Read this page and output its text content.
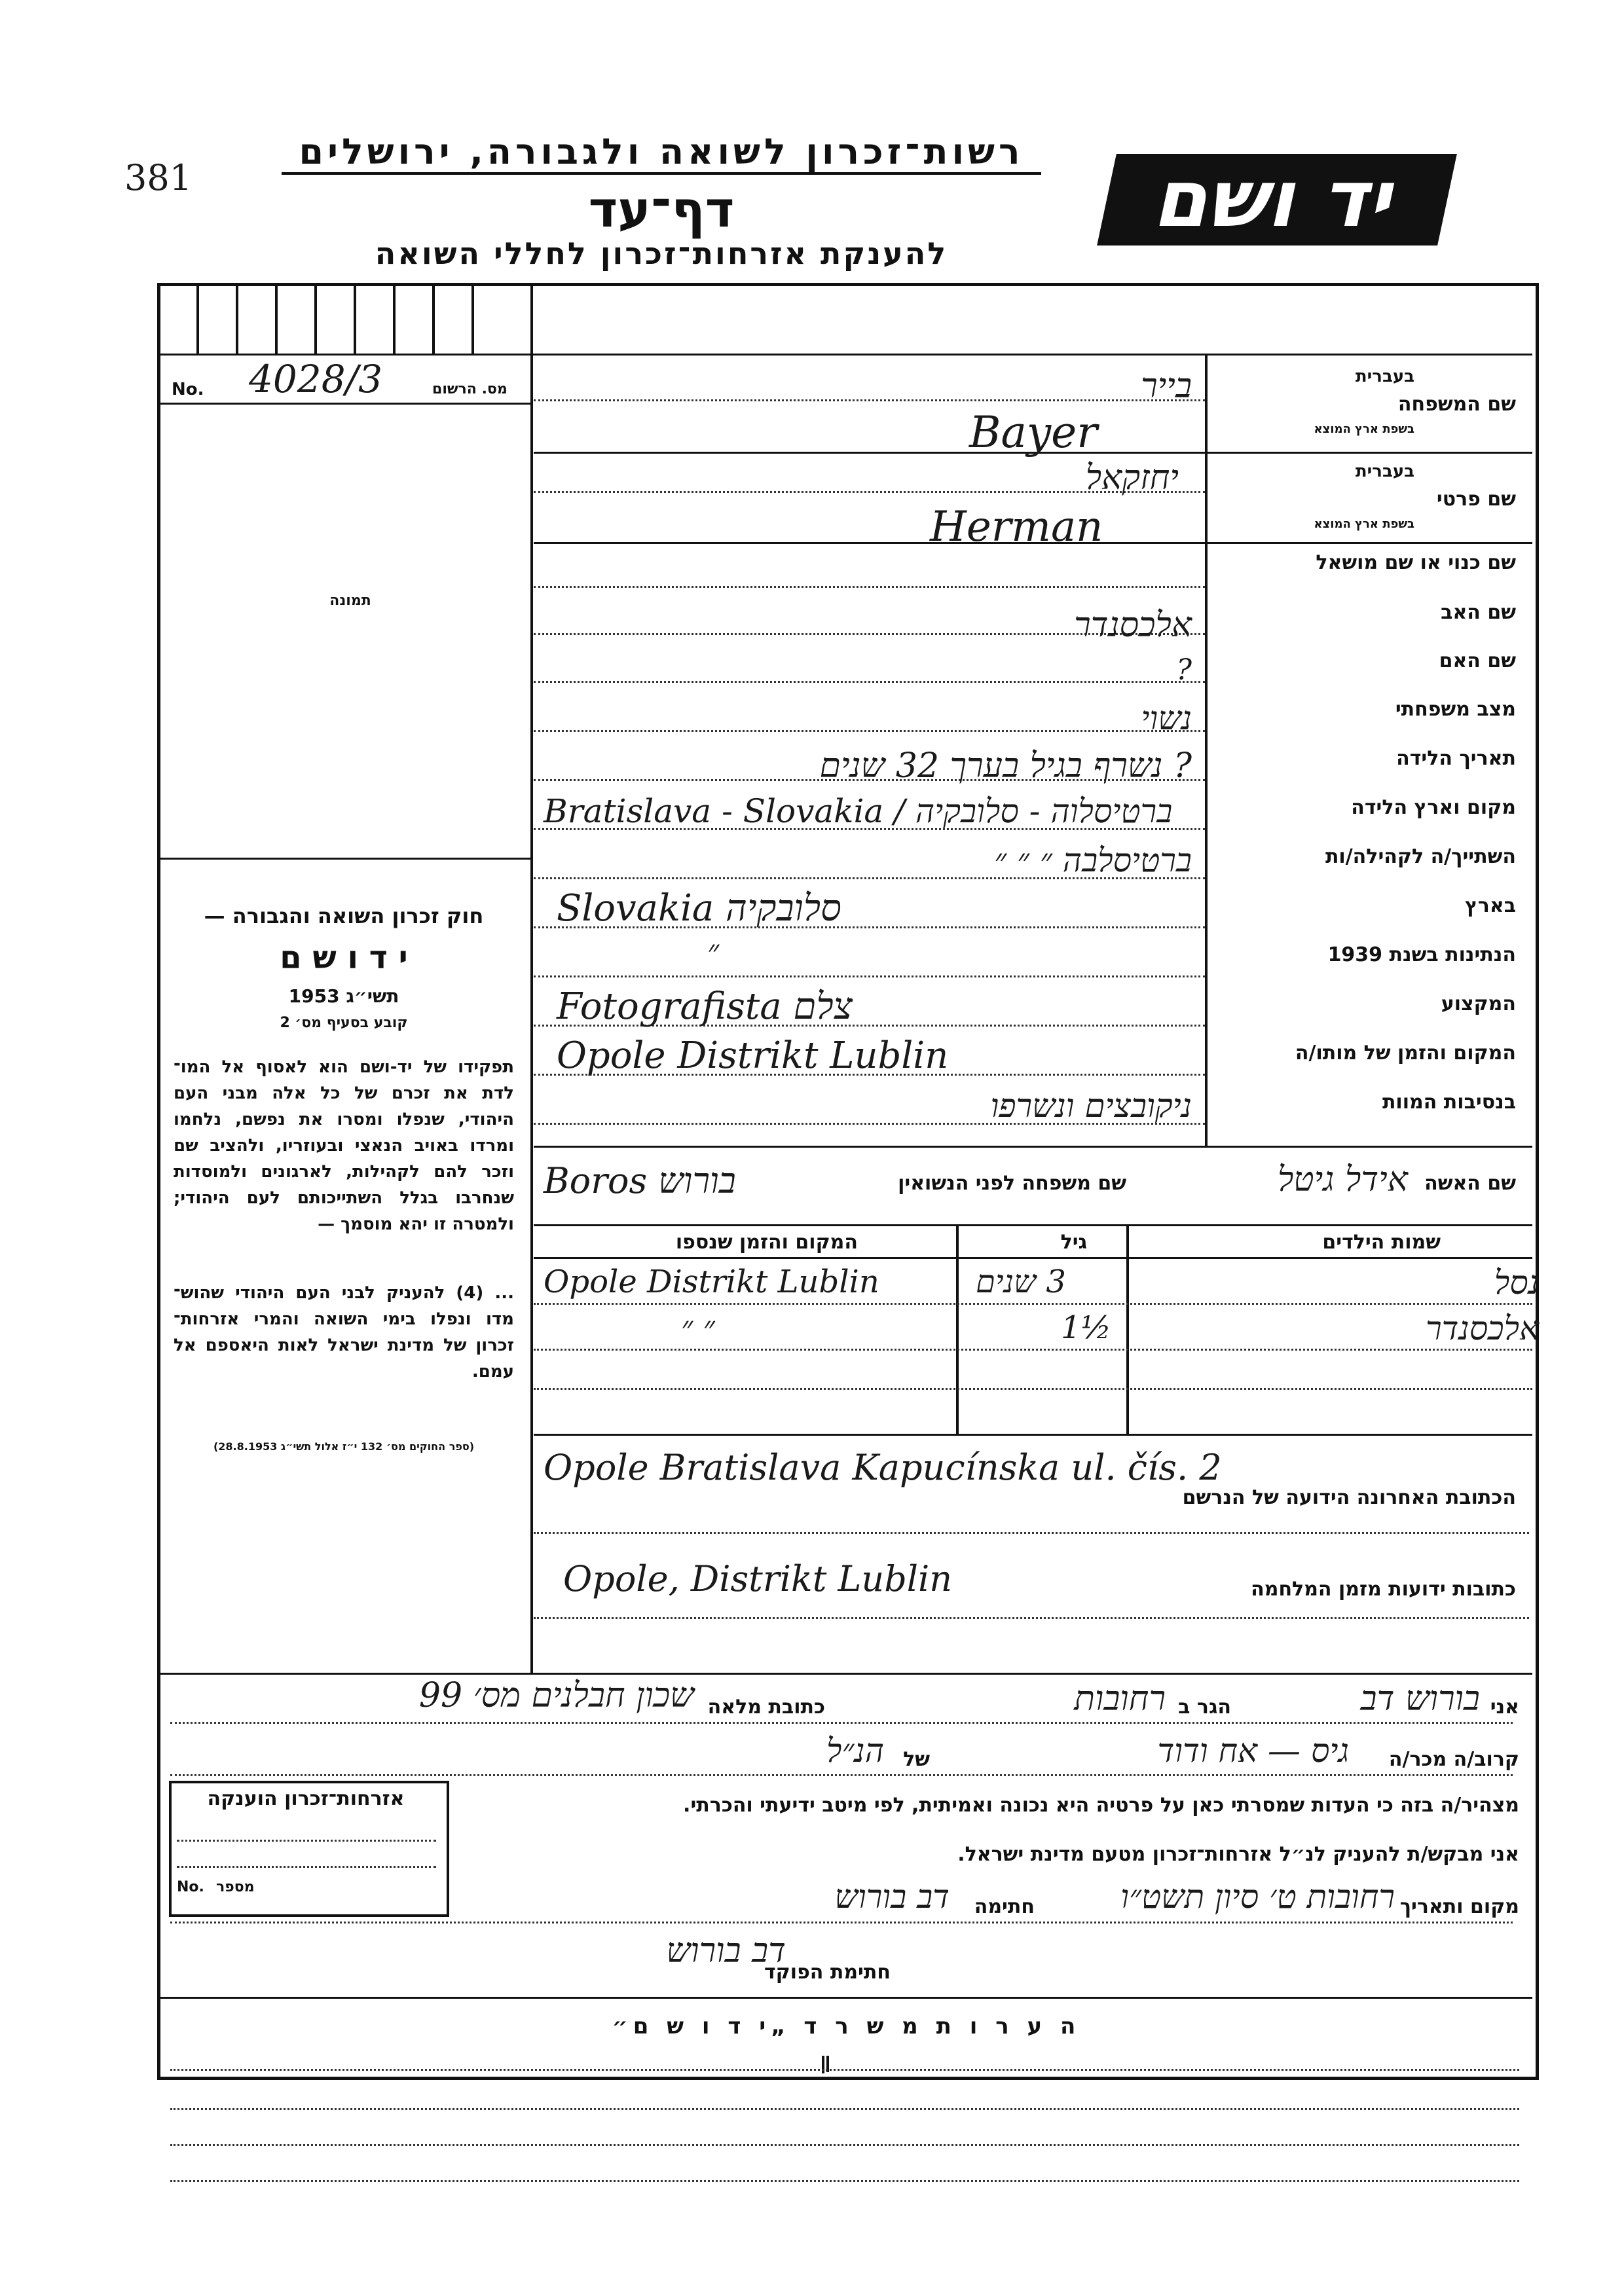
381
רשות־זכרון לשואה ולגבורה, ירושלים
דף־עד
להענקת אזרחות־זכרון לחללי השואה
יד ושם
No. 4028/3	מס. הרשום
תמונה
חוק זכרון השואה והגבורה —
י ד ו ש ם
תשי״ג 1953
קובע בסעיף מס׳ 2
תפקידו של יד-ושם הוא לאסוף אל המו־ לדת את זכרם של כל אלה מבני העם היהודי, שנפלו ומסרו את נפשם, נלחמו ומרדו באויב הנאצי ובעוזריו, ולהציב שם וזכר להם לקהילות, לארגונים ולמוסדות שנחרבו בגלל השתייכותם לעם היהודי; ולמטרה זו יהא מוסמך —
... (4) להעניק לבני העם היהודי שהוש־ מדו ונפלו בימי השואה והמרי אזרחות־ זכרון של מדינת ישראל לאות היאספם אל עמם.
(ספר החוקים מס׳ 132 י״ז אלול תשי״ג 28.8.1953)
שם המשפחה
בעברית
בשפת ארץ המוצא
שם פרטי
בעברית
בשפת ארץ המוצא
שם כנוי או שם מושאל
שם האב
שם האם
מצב משפחתי
תאריך הלידה
מקום וארץ הלידה
השתייך/ה לקהילה/ות
בארץ
הנתינות בשנת 1939
המקצוע
המקום והזמן של מותו/ה
בנסיבות המוות
בייר
Bayer
יחזקאל
Herman
אלכסנדר
?
נשוי
? נשרף בגיל בערך 32 שנים
Bratislava - Slovakia / ברטיסלוה - סלובקיה
ברטיסלבה ״ ״ ״
Slovakia סלובקיה
״
Fotografista צלם
Opole Distrikt Lublin
ניקובצים ונשרפו
שם האשה
אידל גיטל
שם משפחה לפני הנשואין
Boros בורוש
שמות הילדים
גיל
המקום והזמן שנספו
נסל
3 שנים
Opole Distrikt Lublin
אלכסנדר
1½
״ ״
Opole Bratislava Kapucínska ul. čís. 2
הכתובת האחרונה הידועה של הנרשם
Opole, Distrikt Lublin	כתובות ידועות מזמן המלחמה
אני
בורוש דב
הגר ב
רחובות
כתובת מלאה
שכון חבלנים מס׳ 99
קרוב/ה מכר/ה
גיס — אח ודוד
של
הנ״ל
מצהיר/ה בזה כי העדות שמסרתי כאן על פרטיה היא נכונה ואמיתית, לפי מיטב ידיעתי והכרתי.
אני מבקש/ת להעניק לנ״ל אזרחות־זכרון מטעם מדינת ישראל.
מקום ותאריך
רחובות ט׳ סיון תשט״ו
חתימה
דב בורוש
חתימת הפוקד
דב בורוש
אזרחות־זכרון הוענקה
No. מספר
ה ע ר ו ת מ ש ר ד „י ד ו ש ם״
